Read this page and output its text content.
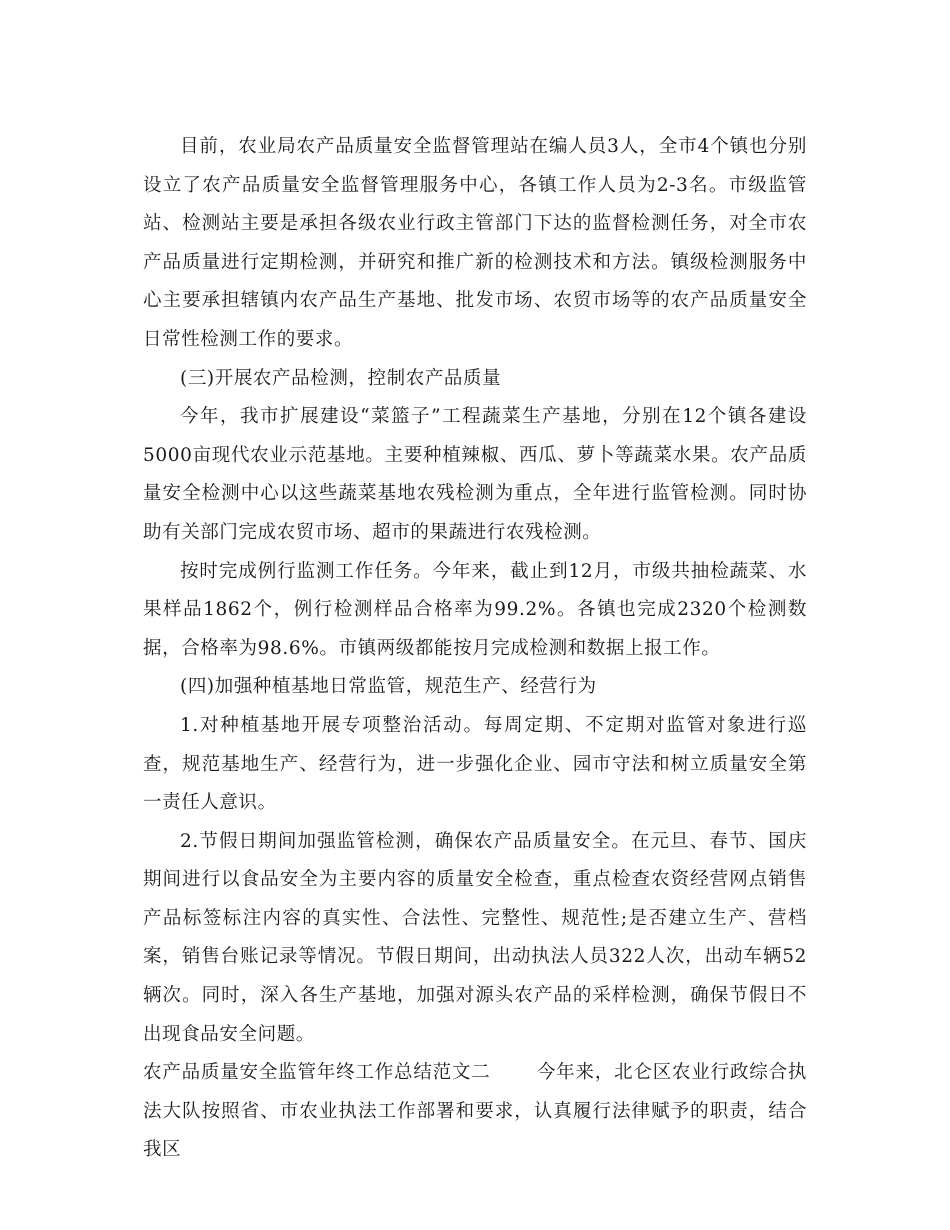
目前，农业局农产品质量安全监督管理站在编人员3人，全市4个镇也分别设立了农产品质量安全监督管理服务中心，各镇工作人员为2-3名。市级监管站、检测站主要是承担各级农业行政主管部门下达的监督检测任务，对全市农产品质量进行定期检测，并研究和推广新的检测技术和方法。镇级检测服务中心主要承担辖镇内农产品生产基地、批发市场、农贸市场等的农产品质量安全日常性检测工作的要求。

(三)开展农产品检测，控制农产品质量

今年，我市扩展建设“菜篮子”工程蔬菜生产基地，分别在12个镇各建设5000亩现代农业示范基地。主要种植辣椒、西瓜、萝卜等蔬菜水果。农产品质量安全检测中心以这些蔬菜基地农残检测为重点，全年进行监管检测。同时协助有关部门完成农贸市场、超市的果蔬进行农残检测。

按时完成例行监测工作任务。今年来，截止到12月，市级共抽检蔬菜、水果样品1862个，例行检测样品合格率为99.2%。各镇也完成2320个检测数据，合格率为98.6%。市镇两级都能按月完成检测和数据上报工作。

(四)加强种植基地日常监管，规范生产、经营行为

1.对种植基地开展专项整治活动。每周定期、不定期对监管对象进行巡查，规范基地生产、经营行为，进一步强化企业、园市守法和树立质量安全第一责任人意识。

2.节假日期间加强监管检测，确保农产品质量安全。在元旦、春节、国庆期间进行以食品安全为主要内容的质量安全检查，重点检查农资经营网点销售产品标签标注内容的真实性、合法性、完整性、规范性;是否建立生产、营档案，销售台账记录等情况。节假日期间，出动执法人员322人次，出动车辆52辆次。同时，深入各生产基地，加强对源头农产品的采样检测，确保节假日不出现食品安全问题。

农产品质量安全监管年终工作总结范文二 今年来，北仑区农业行政综合执法大队按照省、市农业执法工作部署和要求，认真履行法律赋予的职责，结合我区
